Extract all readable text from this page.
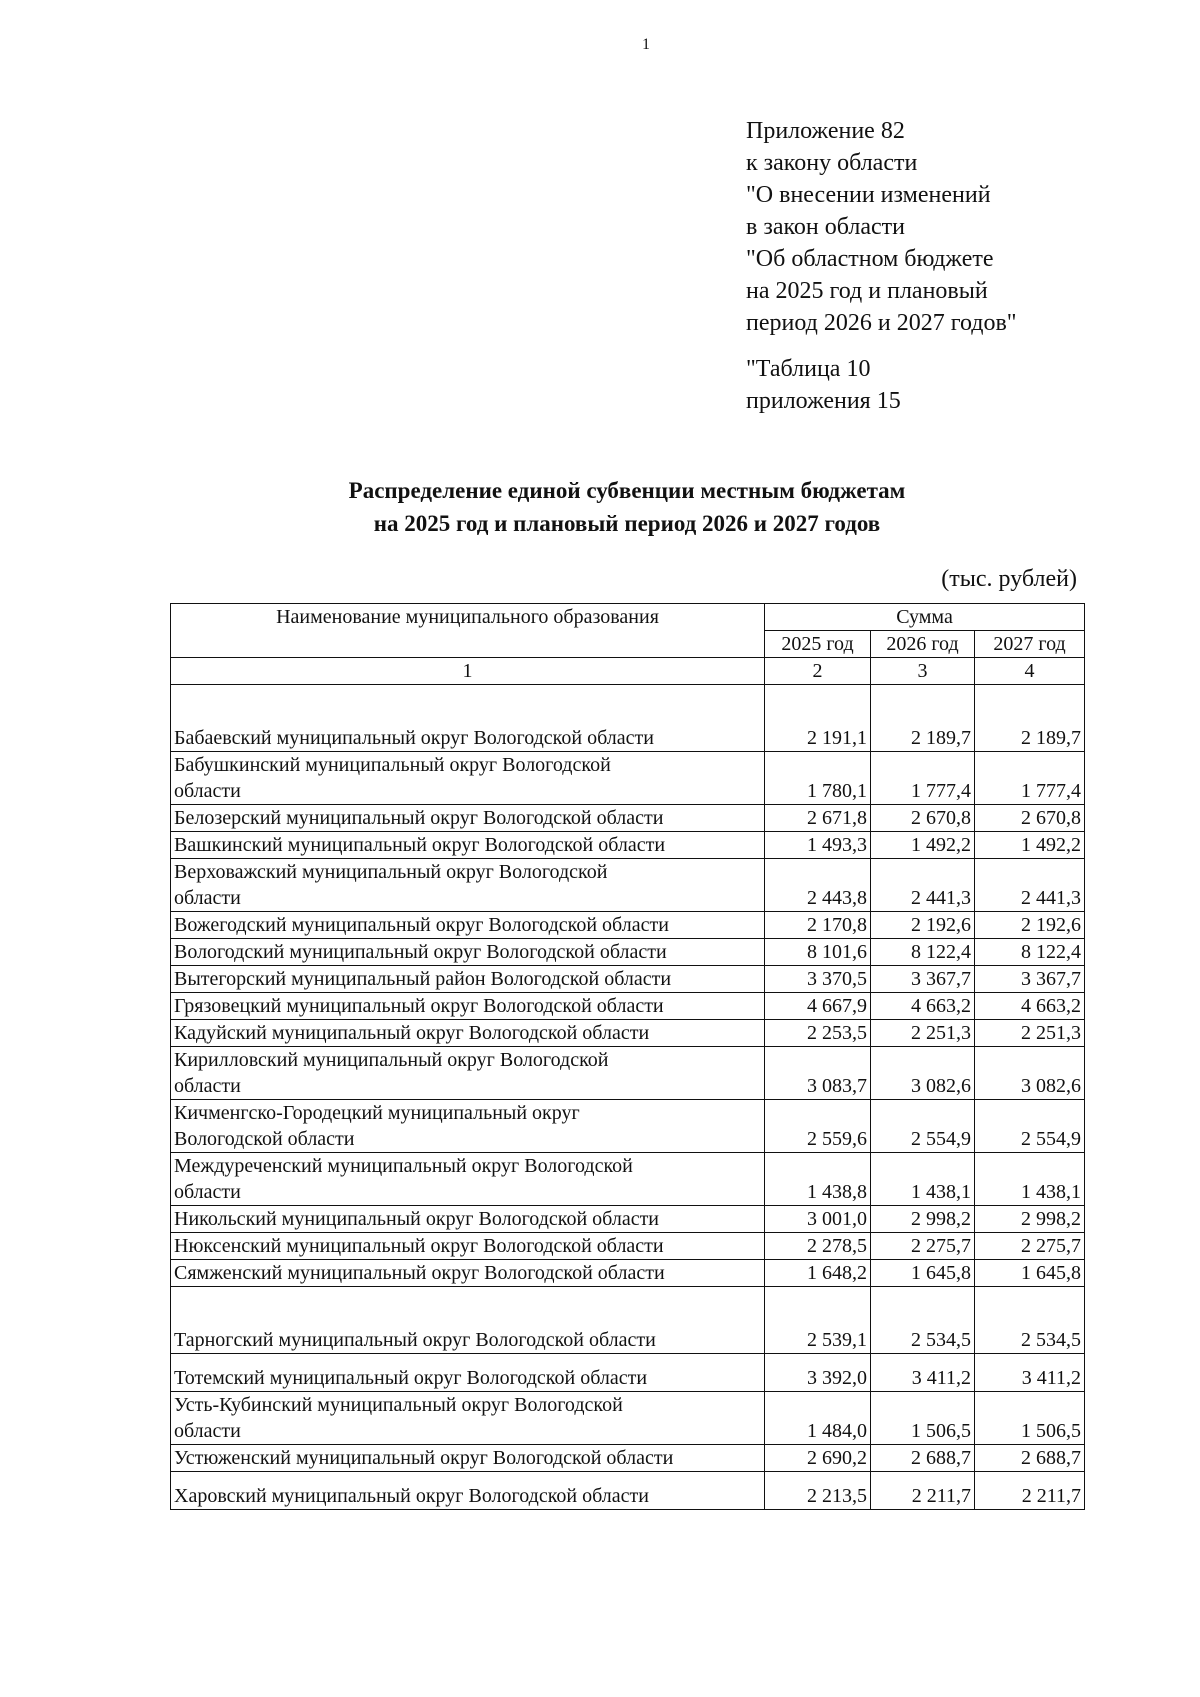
1
Приложение 82
к закону области
"О внесении изменений
в закон области
"Об областном бюджете
на 2025 год и плановый
период 2026 и 2027 годов"
"Таблица 10
приложения 15
Распределение единой субвенции местным бюджетам
на 2025 год и плановый период 2026 и 2027 годов
(тыс. рублей)
Наименование муниципального образования	Сумма		
	2025 год	2026 год	2027 год
1	2	3	4

Бабаевский муниципальный округ Вологодской области	2 191,1	2 189,7	2 189,7

Бабушкинский муниципальный округ Вологодской
области	1 780,1	1 777,4	1 777,4

Белозерский муниципальный округ Вологодской области	2 671,8	2 670,8	2 670,8

Вашкинский муниципальный округ Вологодской области	1 493,3	1 492,2	1 492,2

Верховажский муниципальный округ Вологодской
области	2 443,8	2 441,3	2 441,3

Вожегодский муниципальный округ Вологодской области	2 170,8	2 192,6	2 192,6

Вологодский муниципальный округ Вологодской области	8 101,6	8 122,4	8 122,4

Вытегорский муниципальный район Вологодской области	3 370,5	3 367,7	3 367,7

Грязовецкий муниципальный округ Вологодской области	4 667,9	4 663,2	4 663,2

Кадуйский муниципальный округ Вологодской области	2 253,5	2 251,3	2 251,3

Кирилловский муниципальный округ Вологодской
области	3 083,7	3 082,6	3 082,6

Кичменгско-Городецкий муниципальный округ
Вологодской области	2 559,6	2 554,9	2 554,9

Междуреченский муниципальный округ Вологодской
области	1 438,8	1 438,1	1 438,1

Никольский муниципальный округ Вологодской области	3 001,0	2 998,2	2 998,2

Нюксенский муниципальный округ Вологодской области	2 278,5	2 275,7	2 275,7

Сямженский муниципальный округ Вологодской области	1 648,2	1 645,8	1 645,8

Тарногский муниципальный округ Вологодской области	2 539,1	2 534,5	2 534,5

Тотемский муниципальный округ Вологодской области	3 392,0	3 411,2	3 411,2

Усть-Кубинский муниципальный округ Вологодской
области	1 484,0	1 506,5	1 506,5

Устюженский муниципальный округ Вологодской области	2 690,2	2 688,7	2 688,7

Харовский муниципальный округ Вологодской области	2 213,5	2 211,7	2 211,7
